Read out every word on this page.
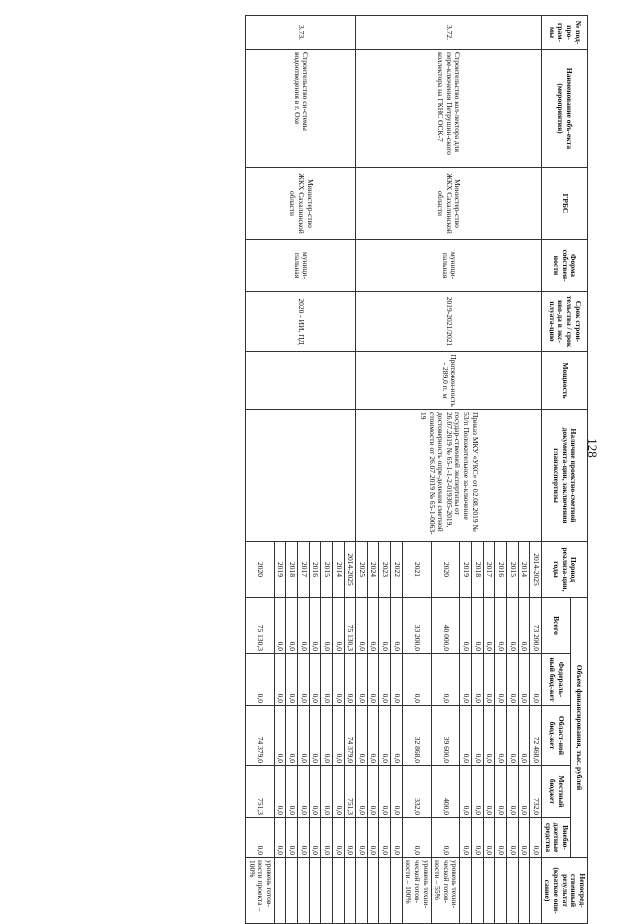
128
№ под-про-грам-мы	Наименование объ-екта (мероприятия)	ГРБС	Форма собствен-ности	Срок строи-тельства / срок вво-да в экс-плуата-цию	Мощность	Наличие проектно-сметной документа-ции, заключения гланэкспертизы	Период реализа-ции, годы	Объем финансирования, тыс. рублей					Непосред-ственный результат (краткое опи-сание)
								Всего	Федераль-ный бюд-жет	Област-ной бюд-жет	Местный бюджет	Внебю-джетные средства	
3.72.	Строительство кол-лектора для пере-ключения Петрушин-ского коллектора на ГКНС ОСК-7	Министер-ство ЖКХ Сахалинской области	муници-пальная	2019-2021/2021	Протяжен-ность - 289,0 п. м	Приказ МКУ «УКС» от 02.08.2019 № 53/п Положительное за-ключение государ-ственной экспертизы от 26.07.2019 № 65-1-1-2-019305-2019, достоверность опре-деления сметной стоимости от 26.07.2019 № 65-1-0063-19	2014-2025	73 200,0	0,0	72 468,0	732,0	0,0	
							2014	0,0	0,0	0,0	0,0	0,0	
							2015	0,0	0,0	0,0	0,0	0,0	
							2016	0,0	0,0	0,0	0,0	0,0	
							2017	0,0	0,0	0,0	0,0	0,0	
							2018	0,0	0,0	0,0	0,0	0,0	
							2019	0,0	0,0	0,0	0,0	0,0	
							2020	40 000,0	0,0	39 600,0	400,0	0,0	уровень техни-ческой готов-ности – 55%
							2021	33 200,0	0,0	32 868,0	332,0	0,0	уровень техни-ческой готов-ности – 100%
							2022	0,0	0,0	0,0	0,0	0,0	
							2023	0,0	0,0	0,0	0,0	0,0	
							2024	0,0	0,0	0,0	0,0	0,0	
							2025	0,0	0,0	0,0	0,0	0,0	
3.73.	Строительство си-стемы водоотведения в г. Охе	Министер-ство ЖКХ Сахалинской области	муници-пальная	2020 - ИИ, ПД			2014-2025	75 130,3	0,0	74 379,0	751,3	0,0	
							2014	0,0	0,0	0,0	0,0	0,0	
							2015	0,0	0,0	0,0	0,0	0,0	
							2016	0,0	0,0	0,0	0,0	0,0	
							2017	0,0	0,0	0,0	0,0	0,0	
							2018	0,0	0,0	0,0	0,0	0,0	
							2019	0,0	0,0	0,0	0,0	0,0	
							2020	75 130,3	0,0	74 379,0	751,3	0,0	уровень готов-ности проекта – 100%
